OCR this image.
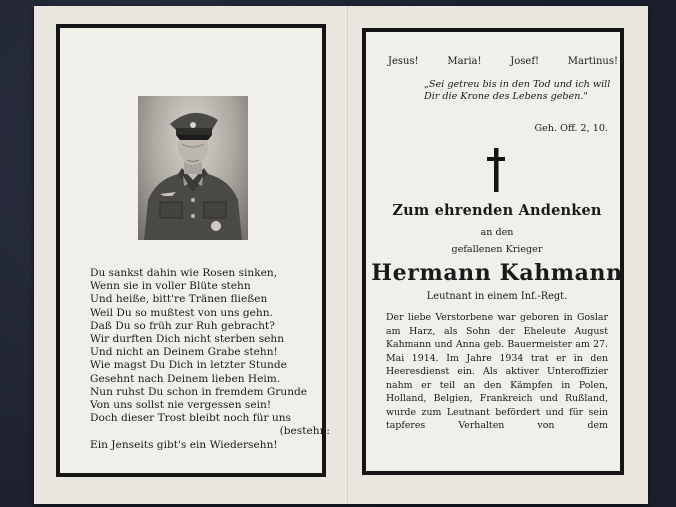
Du sankst dahin wie Rosen sinken,
Wenn sie in voller Blüte stehn
Und heiße, bitt're Tränen fließen
Weil Du so mußtest von uns gehn.
Daß Du so früh zur Ruh gebracht?
Wir durften Dich nicht sterben sehn
Und nicht an Deinem Grabe stehn!
Wie magst Du Dich in letzter Stunde
Gesehnt nach Deinem lieben Heim.
Nun ruhst Du schon in fremdem Grunde
Von uns sollst nie vergessen sein!
Doch dieser Trost bleibt noch für uns
(bestehn:
Ein Jenseits gibt's ein Wiedersehn!
Jesus!	Maria!	Josef!	Martinus!
„Sei getreu bis in den Tod und ich will Dir die Krone des Lebens geben."
Geh. Off. 2, 10.
Zum ehrenden Andenken
an den
gefallenen Krieger
Hermann Kahmann
Leutnant in einem Inf.-Regt.
Der liebe Verstorbene war geboren in Goslar am Harz, als Sohn der Eheleute August Kahmann und Anna geb. Bauermeister am 27. Mai 1914. Im Jahre 1934 trat er in den Heeresdienst ein. Als aktiver Unteroffizier nahm er teil an den Kämpfen in Polen, Holland, Belgien, Frankreich und Rußland, wurde zum Leutnant befördert und für sein tapferes Verhalten von dem
